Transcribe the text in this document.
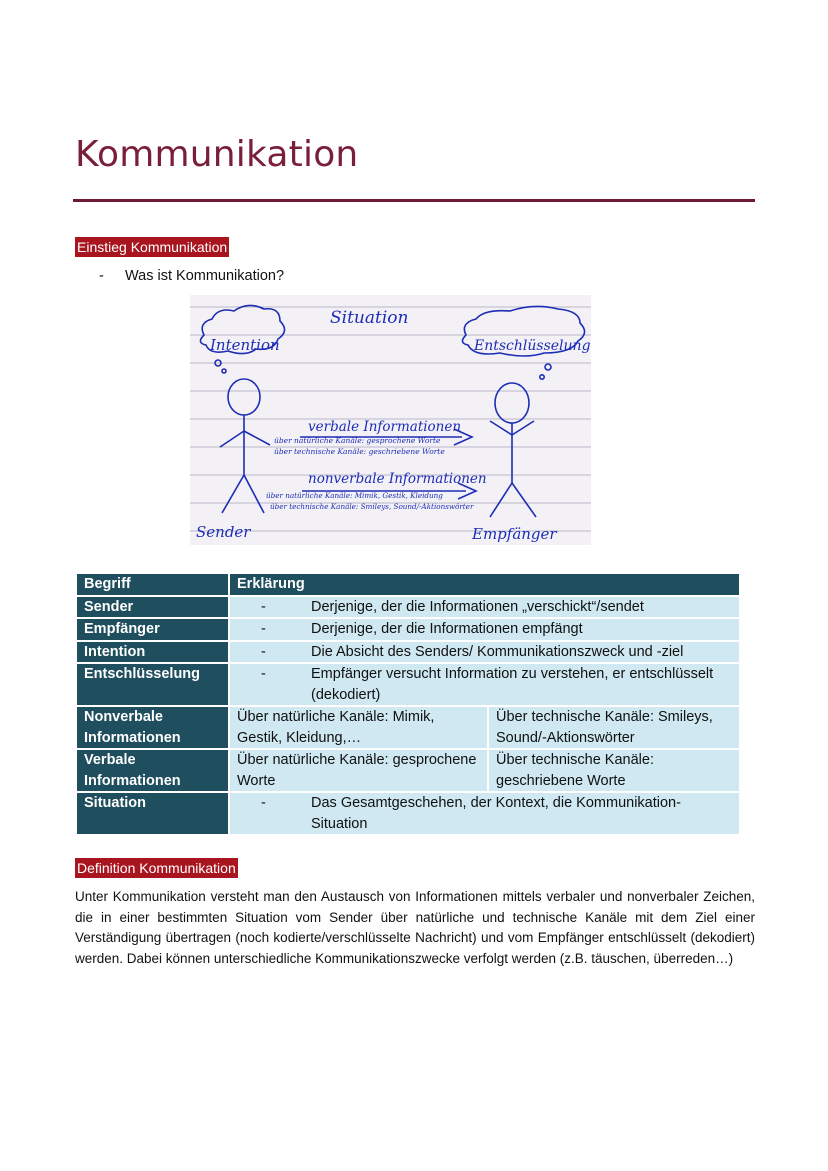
Kommunikation
Einstieg Kommunikation
- Was ist Kommunikation?
Situation
Intention	Entschlüsselung
verbale Informationen
über natürliche Kanäle: gesprochene Worte
über technische Kanäle: geschriebene Worte
nonverbale Informationen
über natürliche Kanäle: Mimik, Gestik, Kleidung
über technische Kanäle: Smileys, Sound/-Aktionswörter
Sender	Empfänger
Begriff	Erklärung	
Sender	- Derjenige, der die Informationen „verschickt“/sendet	

Empfänger	- Derjenige, der die Informationen empfängt	

Intention	- Die Absicht des Senders/ Kommunikationszweck und -ziel	

Entschlüsselung	- Empfänger versucht Information zu verstehen, er entschlüsselt (dekodiert)	

Nonverbale Informationen	Über natürliche Kanäle: Mimik, Gestik, Kleidung,…	Über technische Kanäle: Smileys, Sound/-Aktionswörter
Verbale Informationen	Über natürliche Kanäle: gesprochene Worte	Über technische Kanäle: geschriebene Worte
Situation	- Das Gesamtgeschehen, der Kontext, die Kommunikation-Situation	
Definition Kommunikation

Unter Kommunikation versteht man den Austausch von Informationen mittels verbaler und nonverbaler Zeichen, die in einer bestimmten Situation vom Sender über natürliche und technische Kanäle mit dem Ziel einer Verständigung übertragen (noch kodierte/verschlüsselte Nachricht) und vom Empfänger entschlüsselt (dekodiert) werden. Dabei können unterschiedliche Kommunikationszwecke verfolgt werden (z.B. täuschen, überreden…)
